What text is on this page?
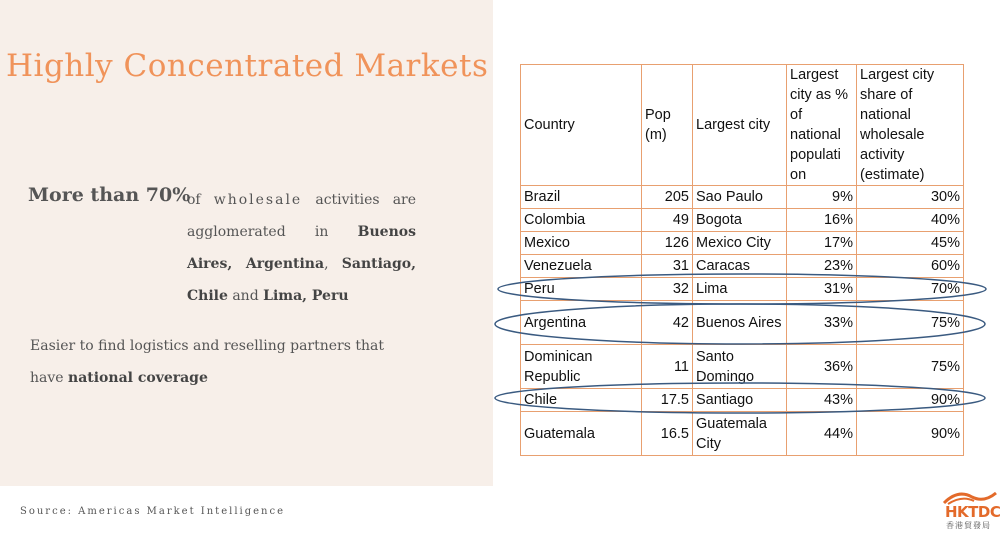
Highly Concentrated Markets
More than 70%
of wholesale activities are agglomerated in Buenos Aires, Argentina, Santiago, Chile and Lima, Peru
Easier to find logistics and reselling partners that have national coverage
Source: Americas Market Intelligence
Country	Pop (m)	Largest city	Largest city as % of national populati on	Largest city share of national wholesale activity (estimate)
Brazil	205	Sao Paulo	9%	30%
Colombia	49	Bogota	16%	40%
Mexico	126	Mexico City	17%	45%
Venezuela	31	Caracas	23%	60%
Peru	32	Lima	31%	70%
Argentina	42	Buenos Aires	33%	75%
Dominican Republic	11	Santo Domingo	36%	75%
Chile	17.5	Santiago	43%	90%
Guatemala	16.5	Guatemala City	44%	90%
HKTDC
香港貿發局
